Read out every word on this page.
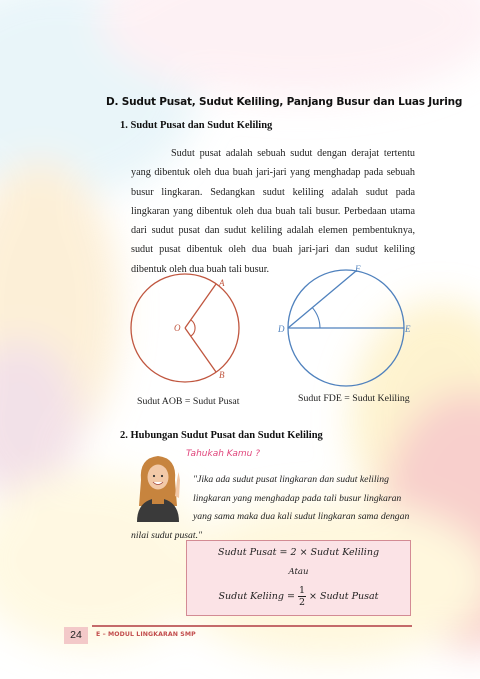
D. Sudut Pusat, Sudut Keliling, Panjang Busur dan Luas Juring
1. Sudut Pusat dan Sudut Keliling
Sudut pusat adalah sebuah sudut dengan derajat tertentu yang dibentuk oleh dua buah jari-jari yang menghadap pada sebuah busur lingkaran. Sedangkan sudut keliling adalah sudut pada lingkaran yang dibentuk oleh dua buah tali busur. Perbedaan utama dari sudut pusat dan sudut keliling adalah elemen pembentuknya, sudut pusat dibentuk oleh dua buah jari-jari dan sudut keliling dibentuk oleh dua buah tali busur.
O
A
B
D	E
F
Sudut AOB = Sudut Pusat	Sudut FDE = Sudut Keliling
2. Hubungan Sudut Pusat dan Sudut Keliling
Tahukah Kamu ?
"Jika ada sudut pusat lingkaran dan sudut keliling
lingkaran yang menghadap pada tali busur lingkaran
yang sama maka dua kali sudut lingkaran sama dengan
nilai sudut pusat."
Sudut Pusat = 2 × Sudut Keliling
Atau
Sudut Keliing = $\frac{1}{2}$ × Sudut Pusat
24	E – MODUL LINGKARAN SMP
